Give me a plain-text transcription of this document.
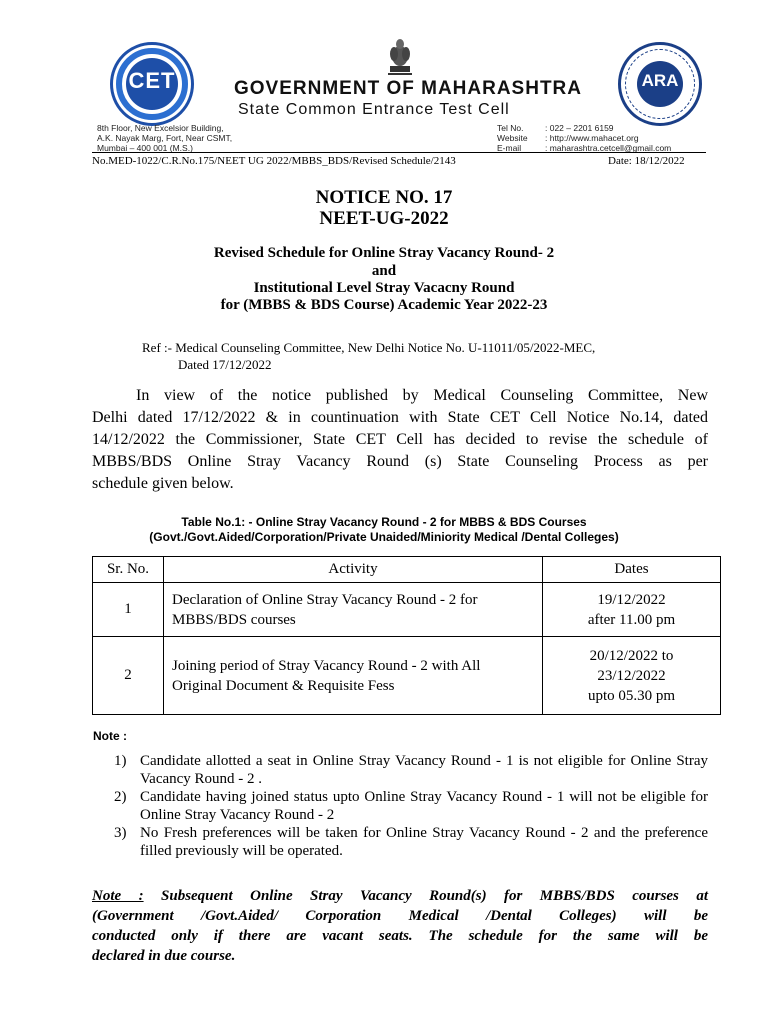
CET	ARA
GOVERNMENT OF MAHARASHTRA
State Common Entrance Test Cell
8th Floor, New Excelsior Building,
A.K. Nayak Marg, Fort, Near CSMT,
Mumbai – 400 001 (M.S.)
Tel No.	: 022 – 2201 6159
Website	: http://www.mahacet.org
E-mail	: maharashtra.cetcell@gmail.com
No.MED-1022/C.R.No.175/NEET UG 2022/MBBS_BDS/Revised Schedule/2143	Date: 18/12/2022
NOTICE NO. 17
NEET-UG-2022
Revised Schedule for Online Stray Vacancy Round- 2
and
Institutional Level Stray Vacacny Round
for (MBBS & BDS Course) Academic Year 2022-23
Ref :- Medical Counseling Committee, New Delhi Notice No. U-11011/05/2022-MEC,
Dated 17/12/2022
In view of the notice published by Medical Counseling Committee, New
Delhi dated 17/12/2022 & in countinuation with State CET Cell Notice No.14, dated
14/12/2022 the Commissioner, State CET Cell has decided to revise the schedule of
MBBS/BDS Online Stray Vacancy Round (s) State Counseling Process as per
schedule given below.
Table No.1: - Online Stray Vacancy Round - 2 for MBBS & BDS Courses
(Govt./Govt.Aided/Corporation/Private Unaided/Miniority Medical /Dental Colleges)
Sr. No.	Activity	Dates
1	Declaration of Online Stray Vacancy Round - 2 for MBBS/BDS courses	19/12/2022
after 11.00 pm

2	Joining period of Stray Vacancy Round - 2 with All Original Document & Requisite Fess	20/12/2022 to
23/12/2022
upto 05.30 pm
Note :
1) Candidate allotted a seat in Online Stray Vacancy Round - 1 is not eligible for Online Stray Vacancy Round - 2 .
2) Candidate having joined status upto Online Stray Vacancy Round - 1 will not be eligible for Online Stray Vacancy Round - 2
3) No Fresh preferences will be taken for Online Stray Vacancy Round - 2 and the preference filled previously will be operated.
Note : Subsequent Online Stray Vacancy Round(s) for MBBS/BDS courses at
(Government /Govt.Aided/ Corporation Medical /Dental Colleges) will be
conducted only if there are vacant seats. The schedule for the same will be
declared in due course.
